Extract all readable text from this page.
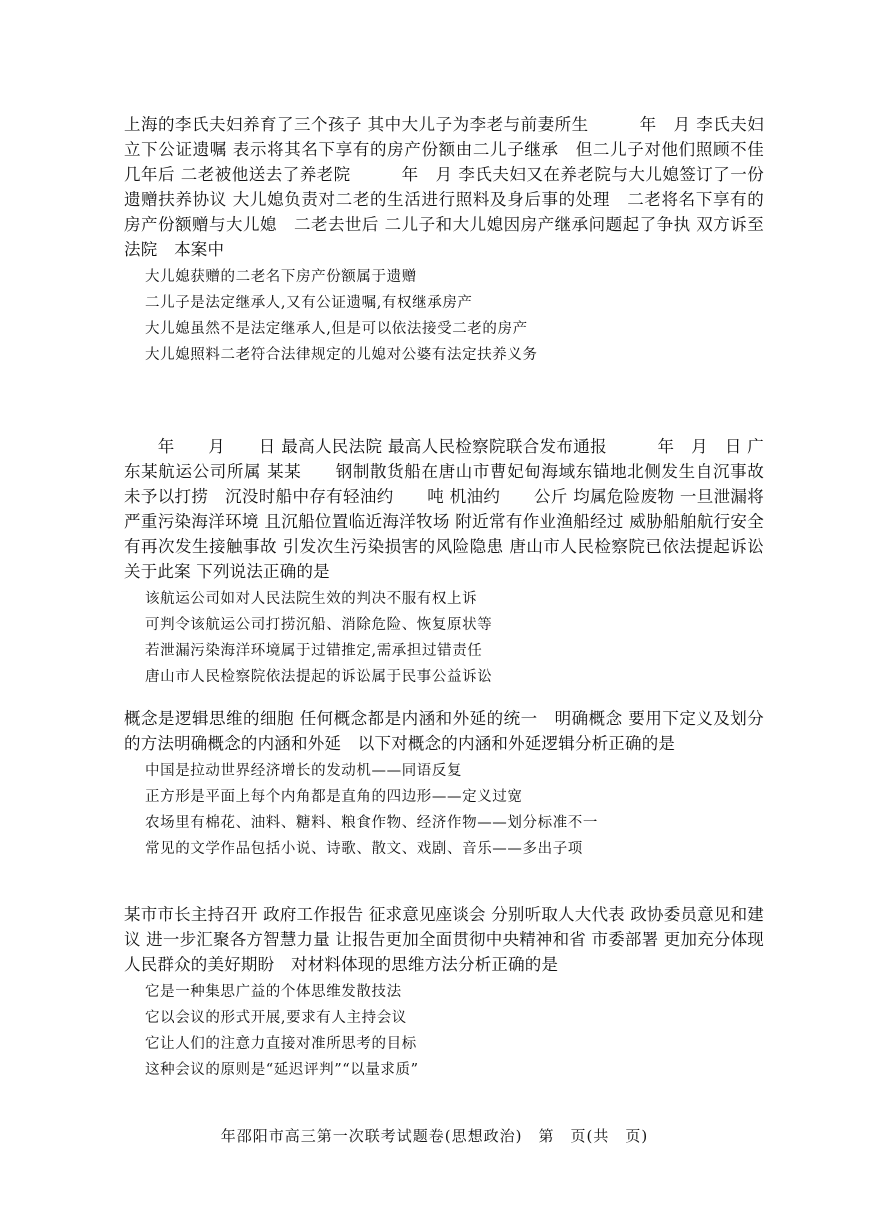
上海的李氏夫妇养育了三个孩子 其中大儿子为李老与前妻所生　　　年　月 李氏夫妇立下公证遗嘱 表示将其名下享有的房产份额由二儿子继承　但二儿子对他们照顾不佳 几年后 二老被他送去了养老院　　　年　月 李氏夫妇又在养老院与大儿媳签订了一份遗赠扶养协议 大儿媳负责对二老的生活进行照料及身后事的处理　二老将名下享有的房产份额赠与大儿媳　二老去世后 二儿子和大儿媳因房产继承问题起了争执 双方诉至法院　本案中

大儿媳获赠的二老名下房产份额属于遗赠
二儿子是法定继承人,又有公证遗嘱,有权继承房产
大儿媳虽然不是法定继承人,但是可以依法接受二老的房产
大儿媳照料二老符合法律规定的儿媳对公婆有法定扶养义务

　　年　　月　　日 最高人民法院 最高人民检察院联合发布通报　　　年　月　日 广东某航运公司所属 某某　　钢制散货船在唐山市曹妃甸海域东锚地北侧发生自沉事故 未予以打捞　沉没时船中存有轻油约　　吨 机油约　　公斤 均属危险废物 一旦泄漏将严重污染海洋环境 且沉船位置临近海洋牧场 附近常有作业渔船经过 威胁船舶航行安全 有再次发生接触事故 引发次生污染损害的风险隐患 唐山市人民检察院已依法提起诉讼　关于此案 下列说法正确的是

该航运公司如对人民法院生效的判决不服有权上诉
可判令该航运公司打捞沉船、消除危险、恢复原状等
若泄漏污染海洋环境属于过错推定,需承担过错责任
唐山市人民检察院依法提起的诉讼属于民事公益诉讼

概念是逻辑思维的细胞 任何概念都是内涵和外延的统一　明确概念 要用下定义及划分的方法明确概念的内涵和外延　以下对概念的内涵和外延逻辑分析正确的是

中国是拉动世界经济增长的发动机——同语反复
正方形是平面上每个内角都是直角的四边形——定义过宽
农场里有棉花、油料、糖料、粮食作物、经济作物——划分标准不一
常见的文学作品包括小说、诗歌、散文、戏剧、音乐——多出子项

某市市长主持召开 政府工作报告 征求意见座谈会 分别听取人大代表 政协委员意见和建议 进一步汇聚各方智慧力量 让报告更加全面贯彻中央精神和省 市委部署 更加充分体现人民群众的美好期盼　对材料体现的思维方法分析正确的是

它是一种集思广益的个体思维发散技法
它以会议的形式开展,要求有人主持会议
它让人们的注意力直接对准所思考的目标
这种会议的原则是“延迟评判”“以量求质”
年邵阳市高三第一次联考试题卷(思想政治)　第　页(共　页)
